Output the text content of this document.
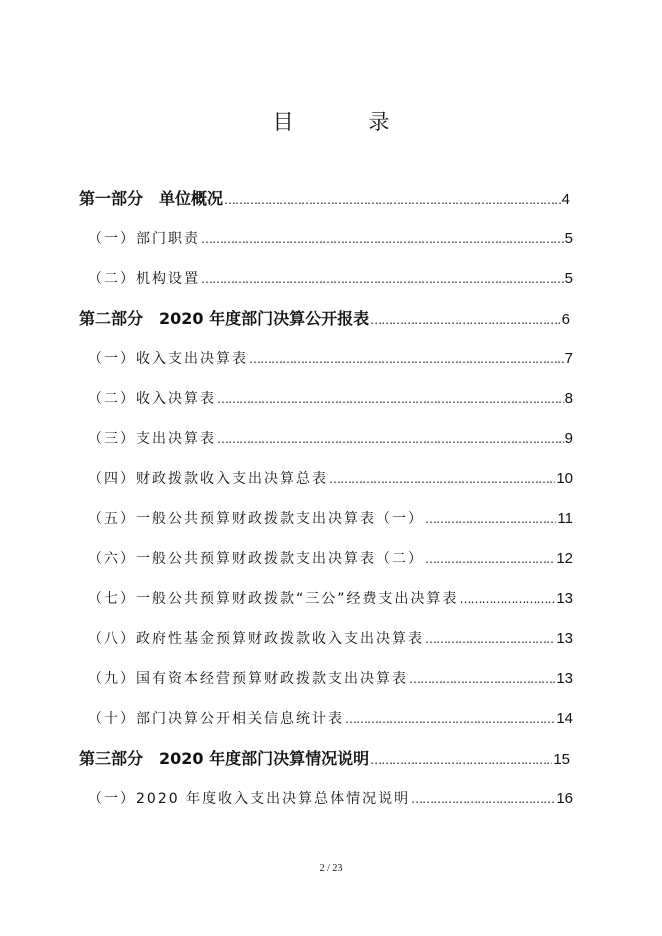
目 录
第一部分　单位概况 …………………………………………………………………………………………………………………………………………………………………	4
（一）部门职责 …………………………………………………………………………………………………………………………………………………………………	5
（二）机构设置 …………………………………………………………………………………………………………………………………………………………………	5
第二部分　2020 年度部门决算公开报表 …………………………………………………………………………………………………………………………………………………………………	6
（一）收入支出决算表 …………………………………………………………………………………………………………………………………………………………………	7
（二）收入决算表 …………………………………………………………………………………………………………………………………………………………………	8
（三）支出决算表 …………………………………………………………………………………………………………………………………………………………………	9
（四）财政拨款收入支出决算总表 …………………………………………………………………………………………………………………………………………………………………	10
（五）一般公共预算财政拨款支出决算表（一） …………………………………………………………………………………………………………………………………………………………………	11
（六）一般公共预算财政拨款支出决算表（二） …………………………………………………………………………………………………………………………………………………………………	12
（七）一般公共预算财政拨款“三公”经费支出决算表 …………………………………………………………………………………………………………………………………………………………………	13
（八）政府性基金预算财政拨款收入支出决算表 …………………………………………………………………………………………………………………………………………………………………	13
（九）国有资本经营预算财政拨款支出决算表 …………………………………………………………………………………………………………………………………………………………………	13
（十）部门决算公开相关信息统计表 …………………………………………………………………………………………………………………………………………………………………	14
第三部分　2020 年度部门决算情况说明 …………………………………………………………………………………………………………………………………………………………………	15
（一）2020 年度收入支出决算总体情况说明 …………………………………………………………………………………………………………………………………………………………………	16
2 / 23
